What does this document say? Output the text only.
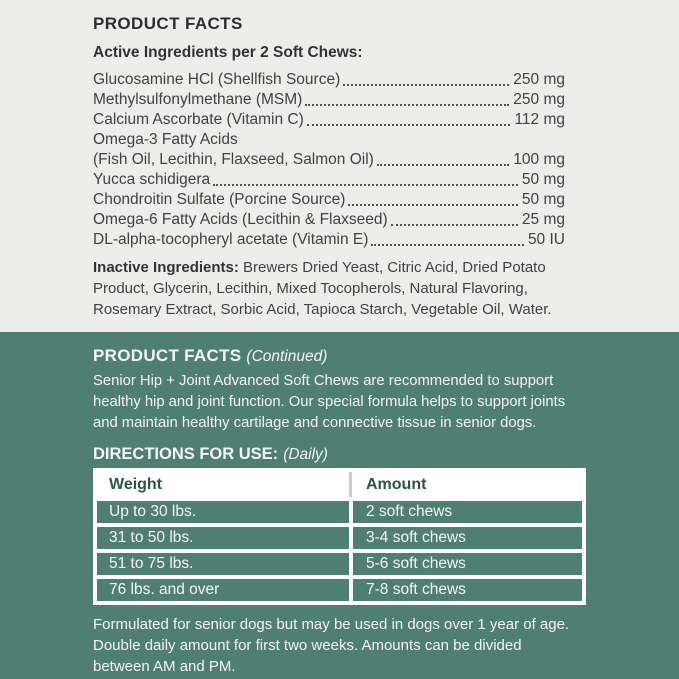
PRODUCT FACTS
Active Ingredients per 2 Soft Chews:
Glucosamine HCl (Shellfish Source)	250 mg
Methylsulfonylmethane (MSM)	250 mg
Calcium Ascorbate (Vitamin C)	112 mg
Omega-3 Fatty Acids
(Fish Oil, Lecithin, Flaxseed, Salmon Oil)	100 mg
Yucca schidigera	50 mg
Chondroitin Sulfate (Porcine Source)	50 mg
Omega-6 Fatty Acids (Lecithin & Flaxseed)	25 mg
DL-alpha-tocopheryl acetate (Vitamin E)	50 IU
Inactive Ingredients: Brewers Dried Yeast, Citric Acid, Dried Potato
Product, Glycerin, Lecithin, Mixed Tocopherols, Natural Flavoring,
Rosemary Extract, Sorbic Acid, Tapioca Starch, Vegetable Oil, Water.
PRODUCT FACTS (Continued)
Senior Hip + Joint Advanced Soft Chews are recommended to support
healthy hip and joint function. Our special formula helps to support joints
and maintain healthy cartilage and connective tissue in senior dogs.
DIRECTIONS FOR USE: (Daily)
Weight	Amount
Up to 30 lbs.	2 soft chews
31 to 50 lbs.	3-4 soft chews
51 to 75 lbs.	5-6 soft chews
76 lbs. and over	7-8 soft chews
Formulated for senior dogs but may be used in dogs over 1 year of age.
Double daily amount for first two weeks. Amounts can be divided
between AM and PM.
